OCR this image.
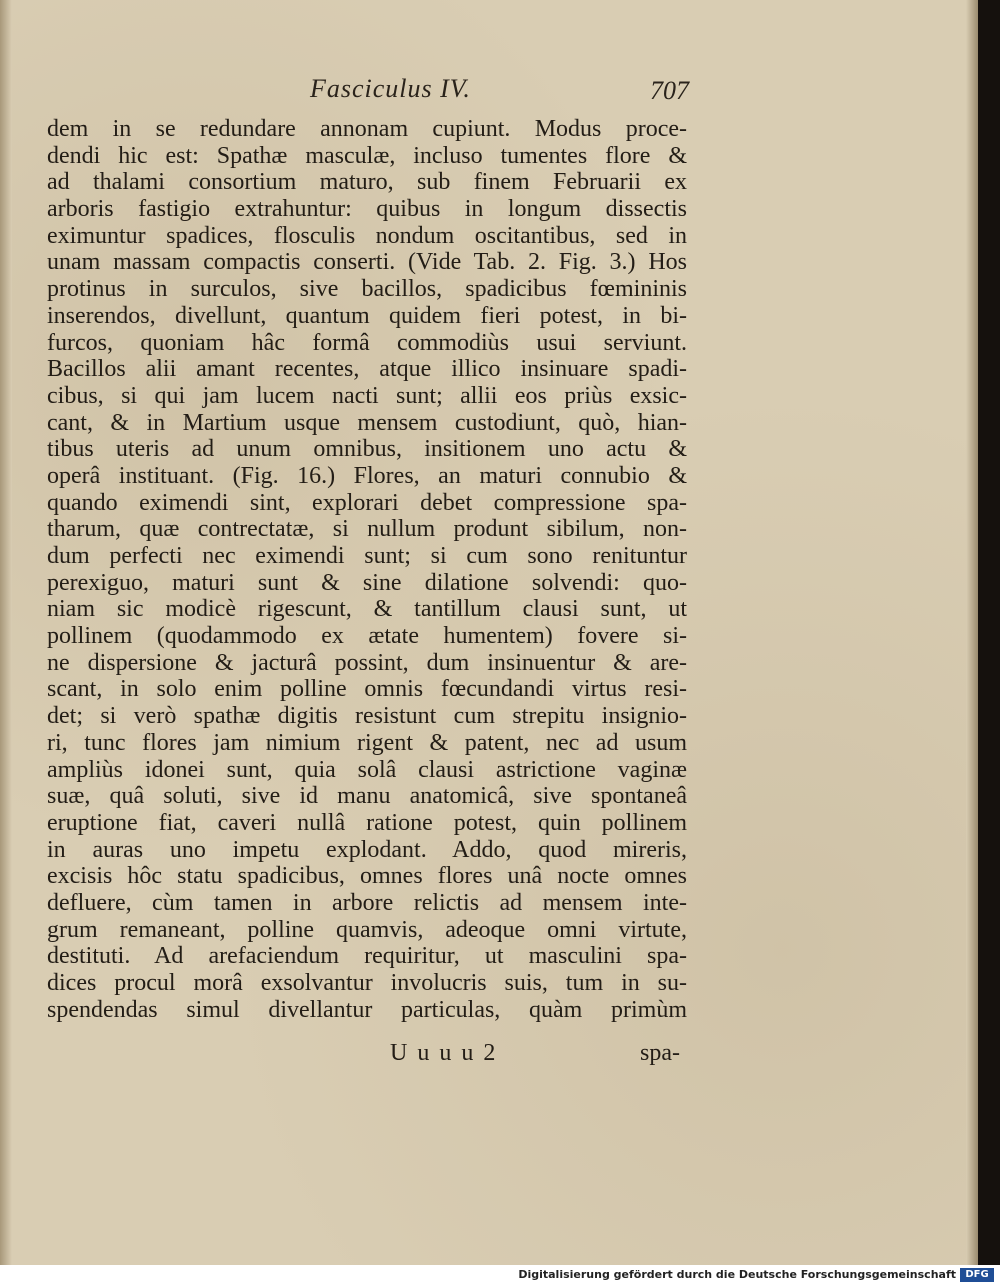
Fasciculus IV.	707
dem in se redundare annonam cupiunt. Modus proce-
dendi hic est: Spathæ masculæ, incluso tumentes flore &
ad thalami consortium maturo, sub finem Februarii ex
arboris fastigio extrahuntur: quibus in longum dissectis
eximuntur spadices, flosculis nondum oscitantibus, sed in
unam massam compactis conserti. (Vide Tab. 2. Fig. 3.) Hos
protinus in surculos, sive bacillos, spadicibus fœmininis
inserendos, divellunt, quantum quidem fieri potest, in bi-
furcos, quoniam hâc formâ commodiùs usui serviunt.
Bacillos alii amant recentes, atque illico insinuare spadi-
cibus, si qui jam lucem nacti sunt; allii eos priùs exsic-
cant, & in Martium usque mensem custodiunt, quò, hian-
tibus uteris ad unum omnibus, insitionem uno actu &
operâ instituant. (Fig. 16.) Flores, an maturi connubio &
quando eximendi sint, explorari debet compressione spa-
tharum, quæ contrectatæ, si nullum produnt sibilum, non-
dum perfecti nec eximendi sunt; si cum sono renituntur
perexiguo, maturi sunt & sine dilatione solvendi: quo-
niam sic modicè rigescunt, & tantillum clausi sunt, ut
pollinem (quodammodo ex ætate humentem) fovere si-
ne dispersione & jacturâ possint, dum insinuentur & are-
scant, in solo enim polline omnis fœcundandi virtus resi-
det; si verò spathæ digitis resistunt cum strepitu insignio-
ri, tunc flores jam nimium rigent & patent, nec ad usum
ampliùs idonei sunt, quia solâ clausi astrictione vaginæ
suæ, quâ soluti, sive id manu anatomicâ, sive spontaneâ
eruptione fiat, caveri nullâ ratione potest, quin pollinem
in auras uno impetu explodant. Addo, quod mireris,
excisis hôc statu spadicibus, omnes flores unâ nocte omnes
defluere, cùm tamen in arbore relictis ad mensem inte-
grum remaneant, polline quamvis, adeoque omni virtute,
destituti. Ad arefaciendum requiritur, ut masculini spa-
dices procul morâ exsolvantur involucris suis, tum in su-
spendendas simul divellantur particulas, quàm primùm
U u u u 2	spa-
Digitalisierung gefördert durch die Deutsche Forschungsgemeinschaft DFG
